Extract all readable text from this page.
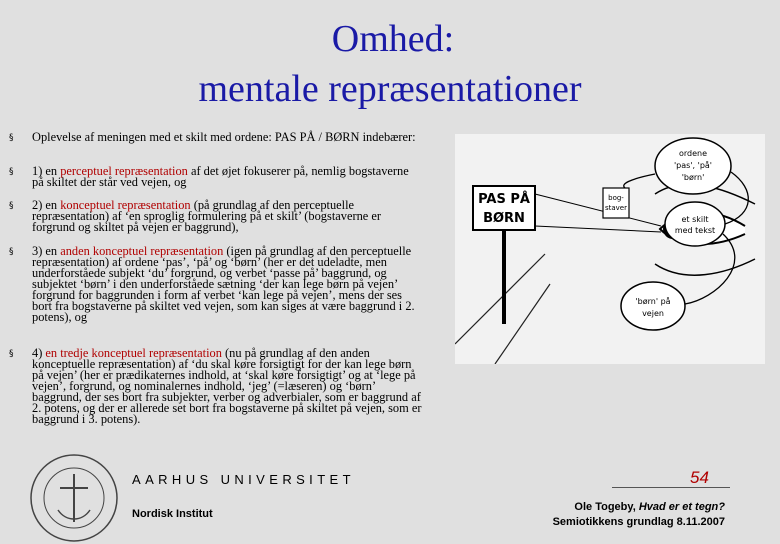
Omhed:
mentale repræsentationer
§ Oplevelse af meningen med et skilt med ordene: PAS PÅ / BØRN indebærer:
§ 1) en perceptuel repræsentation af det øjet fokuserer på, nemlig bogstaverne på skiltet der står ved vejen, og
§ 2) en konceptuel repræsentation (på grundlag af den perceptuelle repræsentation) af ‘en sproglig formulering på et skilt’ (bogstaverne er forgrund og skiltet på vejen er baggrund),
§ 3) en anden konceptuel repræsentation (igen på grundlag af den perceptuelle repræsentation) af ordene ‘pas’, ‘på’ og ‘børn’ (her er det udeladte, men underforståede subjekt ‘du’ forgrund, og verbet ‘passe på’ baggrund, og subjektet ‘børn’ i den underforståede sætning ‘der kan lege børn på vejen’ forgrund for baggrunden i form af verbet ‘kan lege på vejen’, mens der ses bort fra bogstaverne på skiltet ved vejen, som kan siges at være baggrund i 2. potens), og
§ 4) en tredje konceptuel repræsentation (nu på grundlag af den anden konceptuelle repræsentation) af ‘du skal køre forsigtigt for der kan lege børn på vejen’ (her er prædikaternes indhold, at ‘skal køre forsigtigt’ og at ‘lege på vejen’, forgrund, og nominalernes indhold, ‘jeg’ (=læseren) og ‘børn’ baggrund, der ses bort fra subjekter, verber og adverbialer, som er baggrund af 2. potens, og der er allerede set bort fra bogstaverne på skiltet på vejen, som er baggrund i 3. potens).
PAS PÅ
BØRN
bog-
staver
ordene
'pas', 'på'
'børn'
et skilt
med tekst
'børn' på
vejen
AARHUS UNIVERSITET
Nordisk Institut
54
Ole Togeby, Hvad er et tegn?
Semiotikkens grundlag 8.11.2007
